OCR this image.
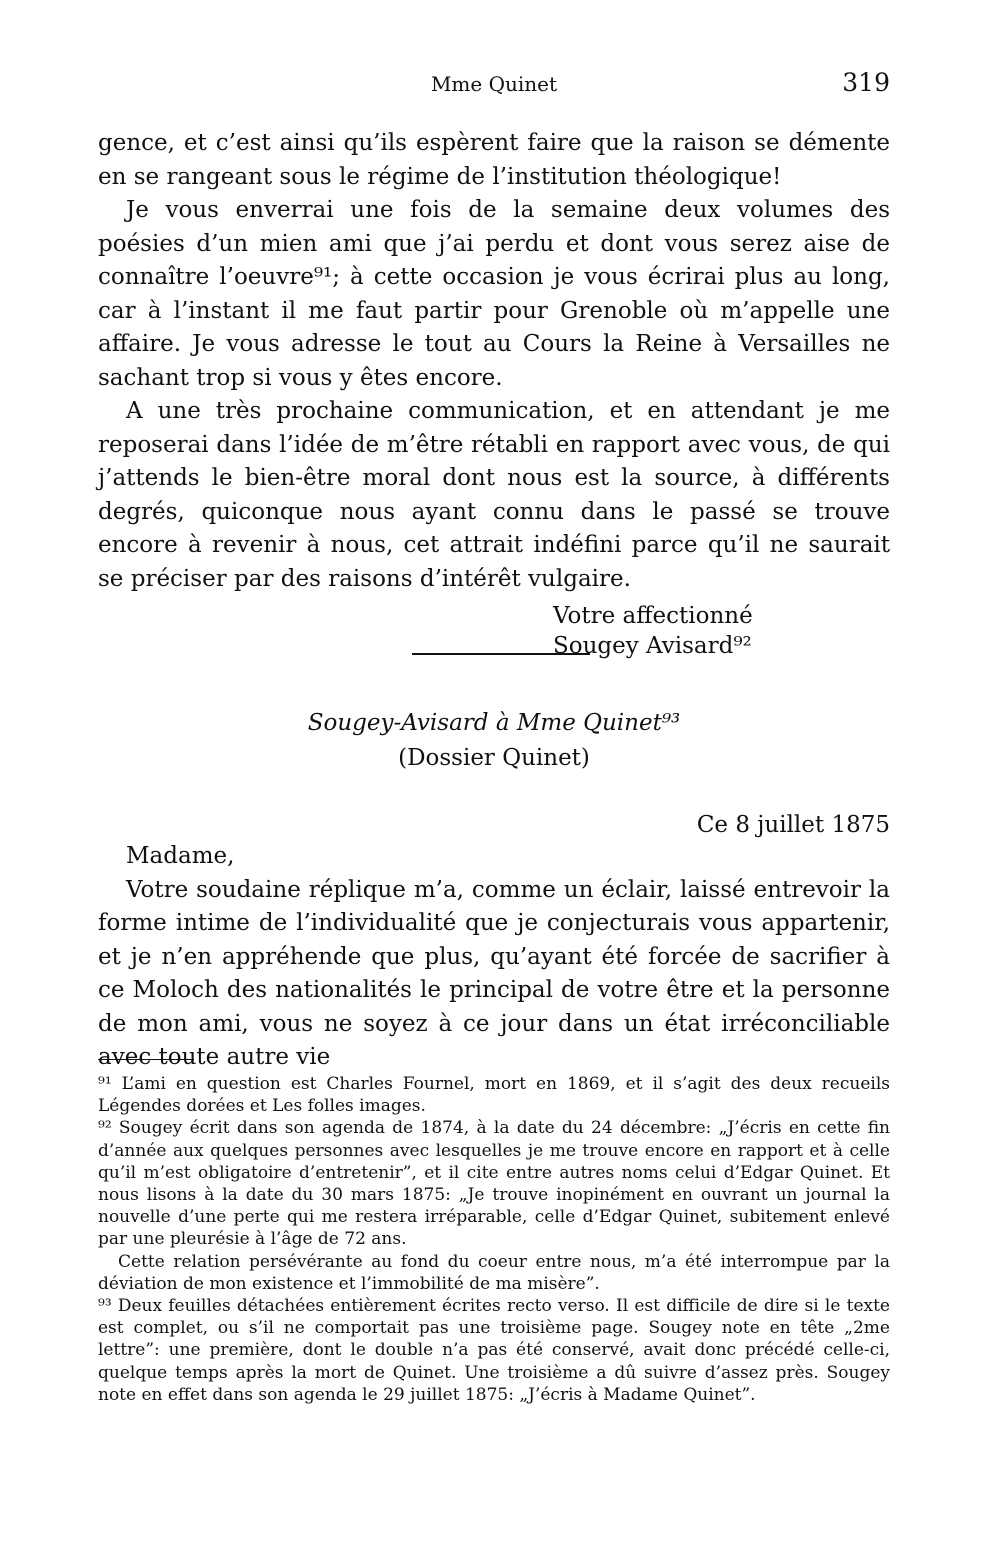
Mme Quinet	319

gence, et c’est ainsi qu’ils espèrent faire que la raison se démente en se rangeant sous le régime de l’institution théologique!

Je vous enverrai une fois de la semaine deux volumes des poésies d’un mien ami que j’ai perdu et dont vous serez aise de connaître l’oeuvre⁹¹; à cette occasion je vous écrirai plus au long, car à l’instant il me faut partir pour Grenoble où m’appelle une affaire. Je vous adresse le tout au Cours la Reine à Versailles ne sachant trop si vous y êtes encore.

A une très prochaine communication, et en attendant je me reposerai dans l’idée de m’être rétabli en rapport avec vous, de qui j’attends le bien-être moral dont nous est la source, à différents degrés, quiconque nous ayant connu dans le passé se trouve encore à revenir à nous, cet attrait indéfini parce qu’il ne saurait se préciser par des raisons d’intérêt vulgaire.

Votre affectionné

Sougey Avisard⁹²

Sougey-Avisard à Mme Quinet⁹³
(Dossier Quinet)
Ce 8 juillet 1875

Madame,

Votre soudaine réplique m’a, comme un éclair, laissé entrevoir la forme intime de l’individualité que je conjecturais vous appartenir, et je n’en appréhende que plus, qu’ayant été forcée de sacrifier à ce Moloch des nationalités le principal de votre être et la personne de mon ami, vous ne soyez à ce jour dans un état irréconciliable avec toute autre vie

⁹¹ L’ami en question est Charles Fournel, mort en 1869, et il s’agit des deux recueils Légendes dorées et Les folles images.

⁹² Sougey écrit dans son agenda de 1874, à la date du 24 décembre: „J’écris en cette fin d’année aux quelques personnes avec lesquelles je me trouve encore en rapport et à celle qu’il m’est obligatoire d’entretenir”, et il cite entre autres noms celui d’Edgar Quinet. Et nous lisons à la date du 30 mars 1875: „Je trouve inopinément en ouvrant un journal la nouvelle d’une perte qui me restera irréparable, celle d’Edgar Quinet, subitement enlevé par une pleurésie à l’âge de 72 ans.

Cette relation persévérante au fond du coeur entre nous, m’a été interrompue par la déviation de mon existence et l’immobilité de ma misère”.

⁹³ Deux feuilles détachées entièrement écrites recto verso. Il est difficile de dire si le texte est complet, ou s’il ne comportait pas une troisième page. Sougey note en tête „2me lettre”: une première, dont le double n’a pas été conservé, avait donc précédé celle-ci, quelque temps après la mort de Quinet. Une troisième a dû suivre d’assez près. Sougey note en effet dans son agenda le 29 juillet 1875: „J’écris à Madame Quinet”.
